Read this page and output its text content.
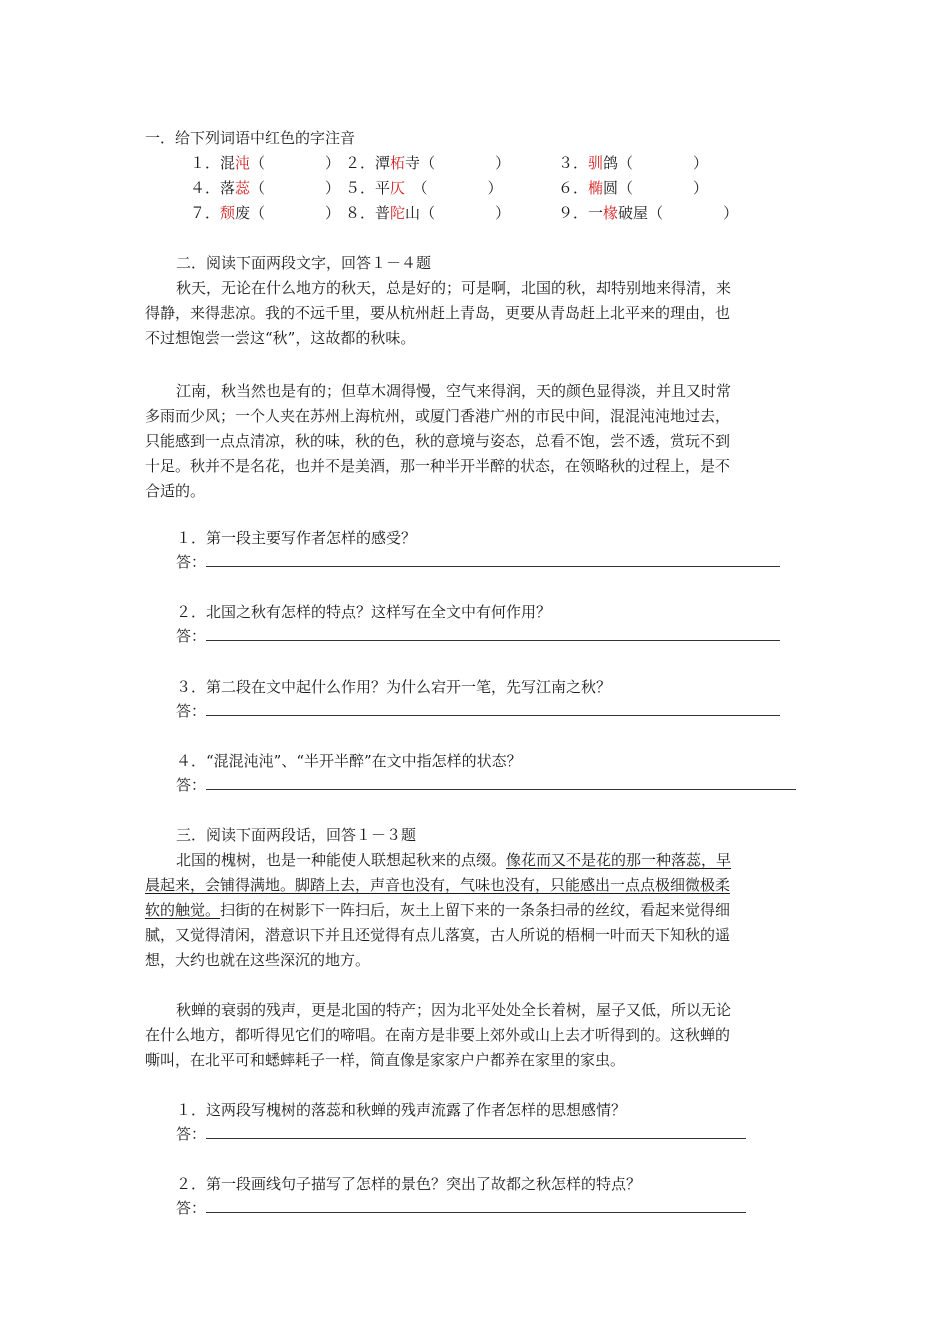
一．给下列词语中红色的字注音
１．混沌（　　　　） ２．潭柘寺（　　　　）	３．驯鸽（　　　　）
４．落蕊（　　　　） ５．平仄　（　　　　）	６．椭圆（　　　　）
７．颓废（　　　　） ８．普陀山（　　　　）	９．一椽破屋（　　　　）
二．阅读下面两段文字，回答１－４题
秋天，无论在什么地方的秋天，总是好的；可是啊，北国的秋，却特别地来得清，来
得静，来得悲凉。我的不远千里，要从杭州赶上青岛，更要从青岛赶上北平来的理由，也
不过想饱尝一尝这“秋”，这故都的秋味。
江南，秋当然也是有的；但草木凋得慢，空气来得润，天的颜色显得淡，并且又时常
多雨而少风；一个人夹在苏州上海杭州，或厦门香港广州的市民中间，混混沌沌地过去，
只能感到一点点清凉，秋的味，秋的色，秋的意境与姿态，总看不饱，尝不透，赏玩不到
十足。秋并不是名花，也并不是美酒，那一种半开半醉的状态，在领略秋的过程上，是不
合适的。
１．第一段主要写作者怎样的感受？
答：
２．北国之秋有怎样的特点？这样写在全文中有何作用？
答：
３．第二段在文中起什么作用？为什么宕开一笔，先写江南之秋？
答：
４．“混混沌沌”、“半开半醉”在文中指怎样的状态？
答：
三．阅读下面两段话，回答１－３题
北国的槐树，也是一种能使人联想起秋来的点缀。像花而又不是花的那一种落蕊，早
晨起来，会铺得满地。脚踏上去，声音也没有，气味也没有，只能感出一点点极细微极柔
软的触觉。扫街的在树影下一阵扫后，灰土上留下来的一条条扫帚的丝纹，看起来觉得细
腻，又觉得清闲，潜意识下并且还觉得有点儿落寞，古人所说的梧桐一叶而天下知秋的遥
想，大约也就在这些深沉的地方。
秋蝉的衰弱的残声，更是北国的特产；因为北平处处全长着树，屋子又低，所以无论
在什么地方，都听得见它们的啼唱。在南方是非要上郊外或山上去才听得到的。这秋蝉的
嘶叫，在北平可和蟋蟀耗子一样，简直像是家家户户都养在家里的家虫。
１．这两段写槐树的落蕊和秋蝉的残声流露了作者怎样的思想感情？
答：
２．第一段画线句子描写了怎样的景色？突出了故都之秋怎样的特点？
答：
